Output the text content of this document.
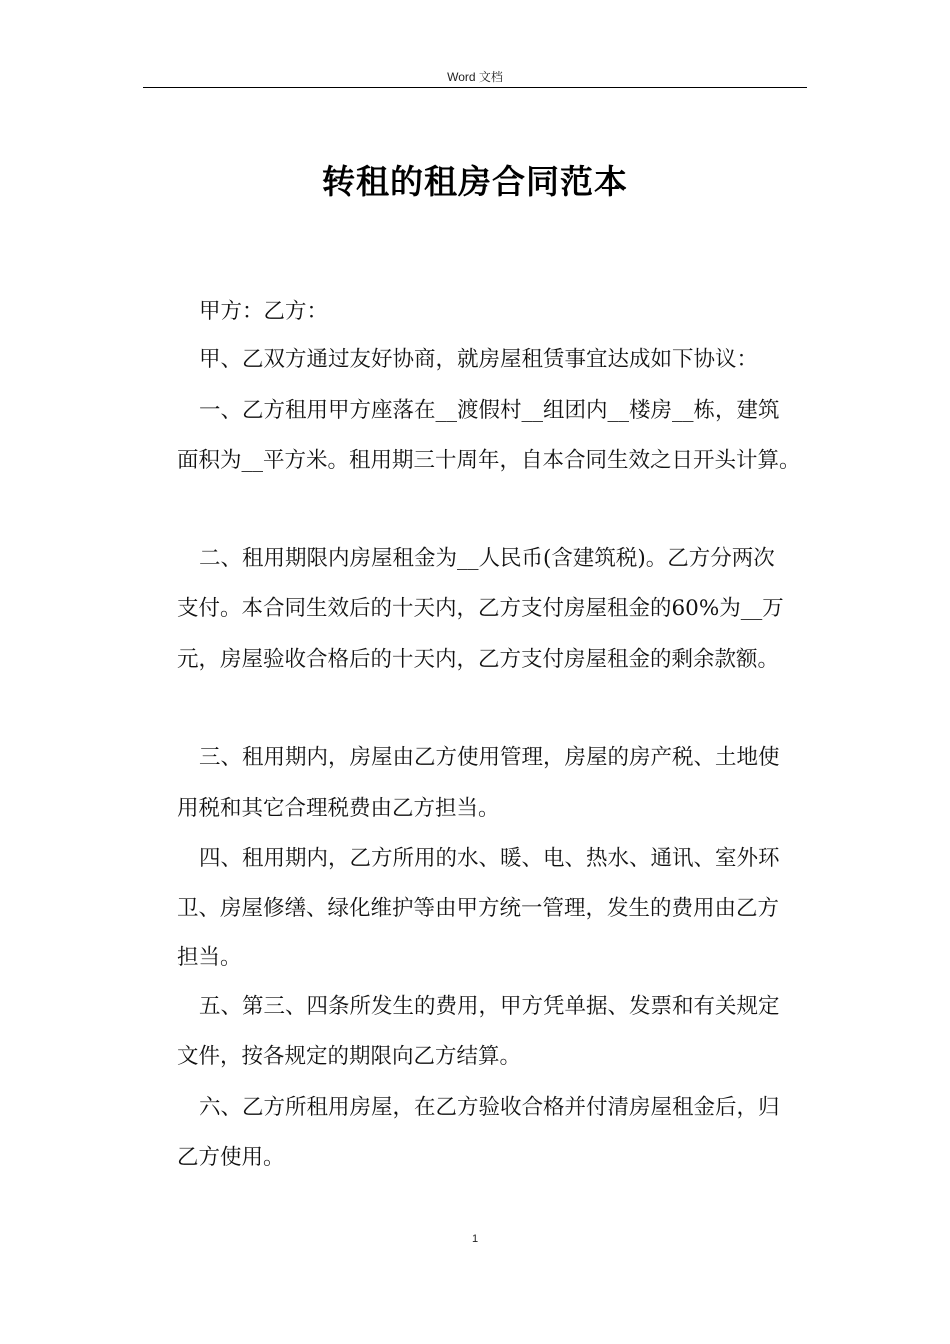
Word 文档
转租的租房合同范本
甲方：乙方：
甲、乙双方通过友好协商，就房屋租赁事宜达成如下协议：
一、乙方租用甲方座落在__渡假村__组团内__楼房__栋，建筑
面积为__平方米。租用期三十周年，自本合同生效之日开头计算。
二、租用期限内房屋租金为__人民币(含建筑税)。乙方分两次
支付。本合同生效后的十天内，乙方支付房屋租金的60%为__万
元，房屋验收合格后的十天内，乙方支付房屋租金的剩余款额。
三、租用期内，房屋由乙方使用管理，房屋的房产税、土地使
用税和其它合理税费由乙方担当。
四、租用期内，乙方所用的水、暖、电、热水、通讯、室外环
卫、房屋修缮、绿化维护等由甲方统一管理，发生的费用由乙方
担当。
五、第三、四条所发生的费用，甲方凭单据、发票和有关规定
文件，按各规定的期限向乙方结算。
六、乙方所租用房屋，在乙方验收合格并付清房屋租金后，归
乙方使用。
1
